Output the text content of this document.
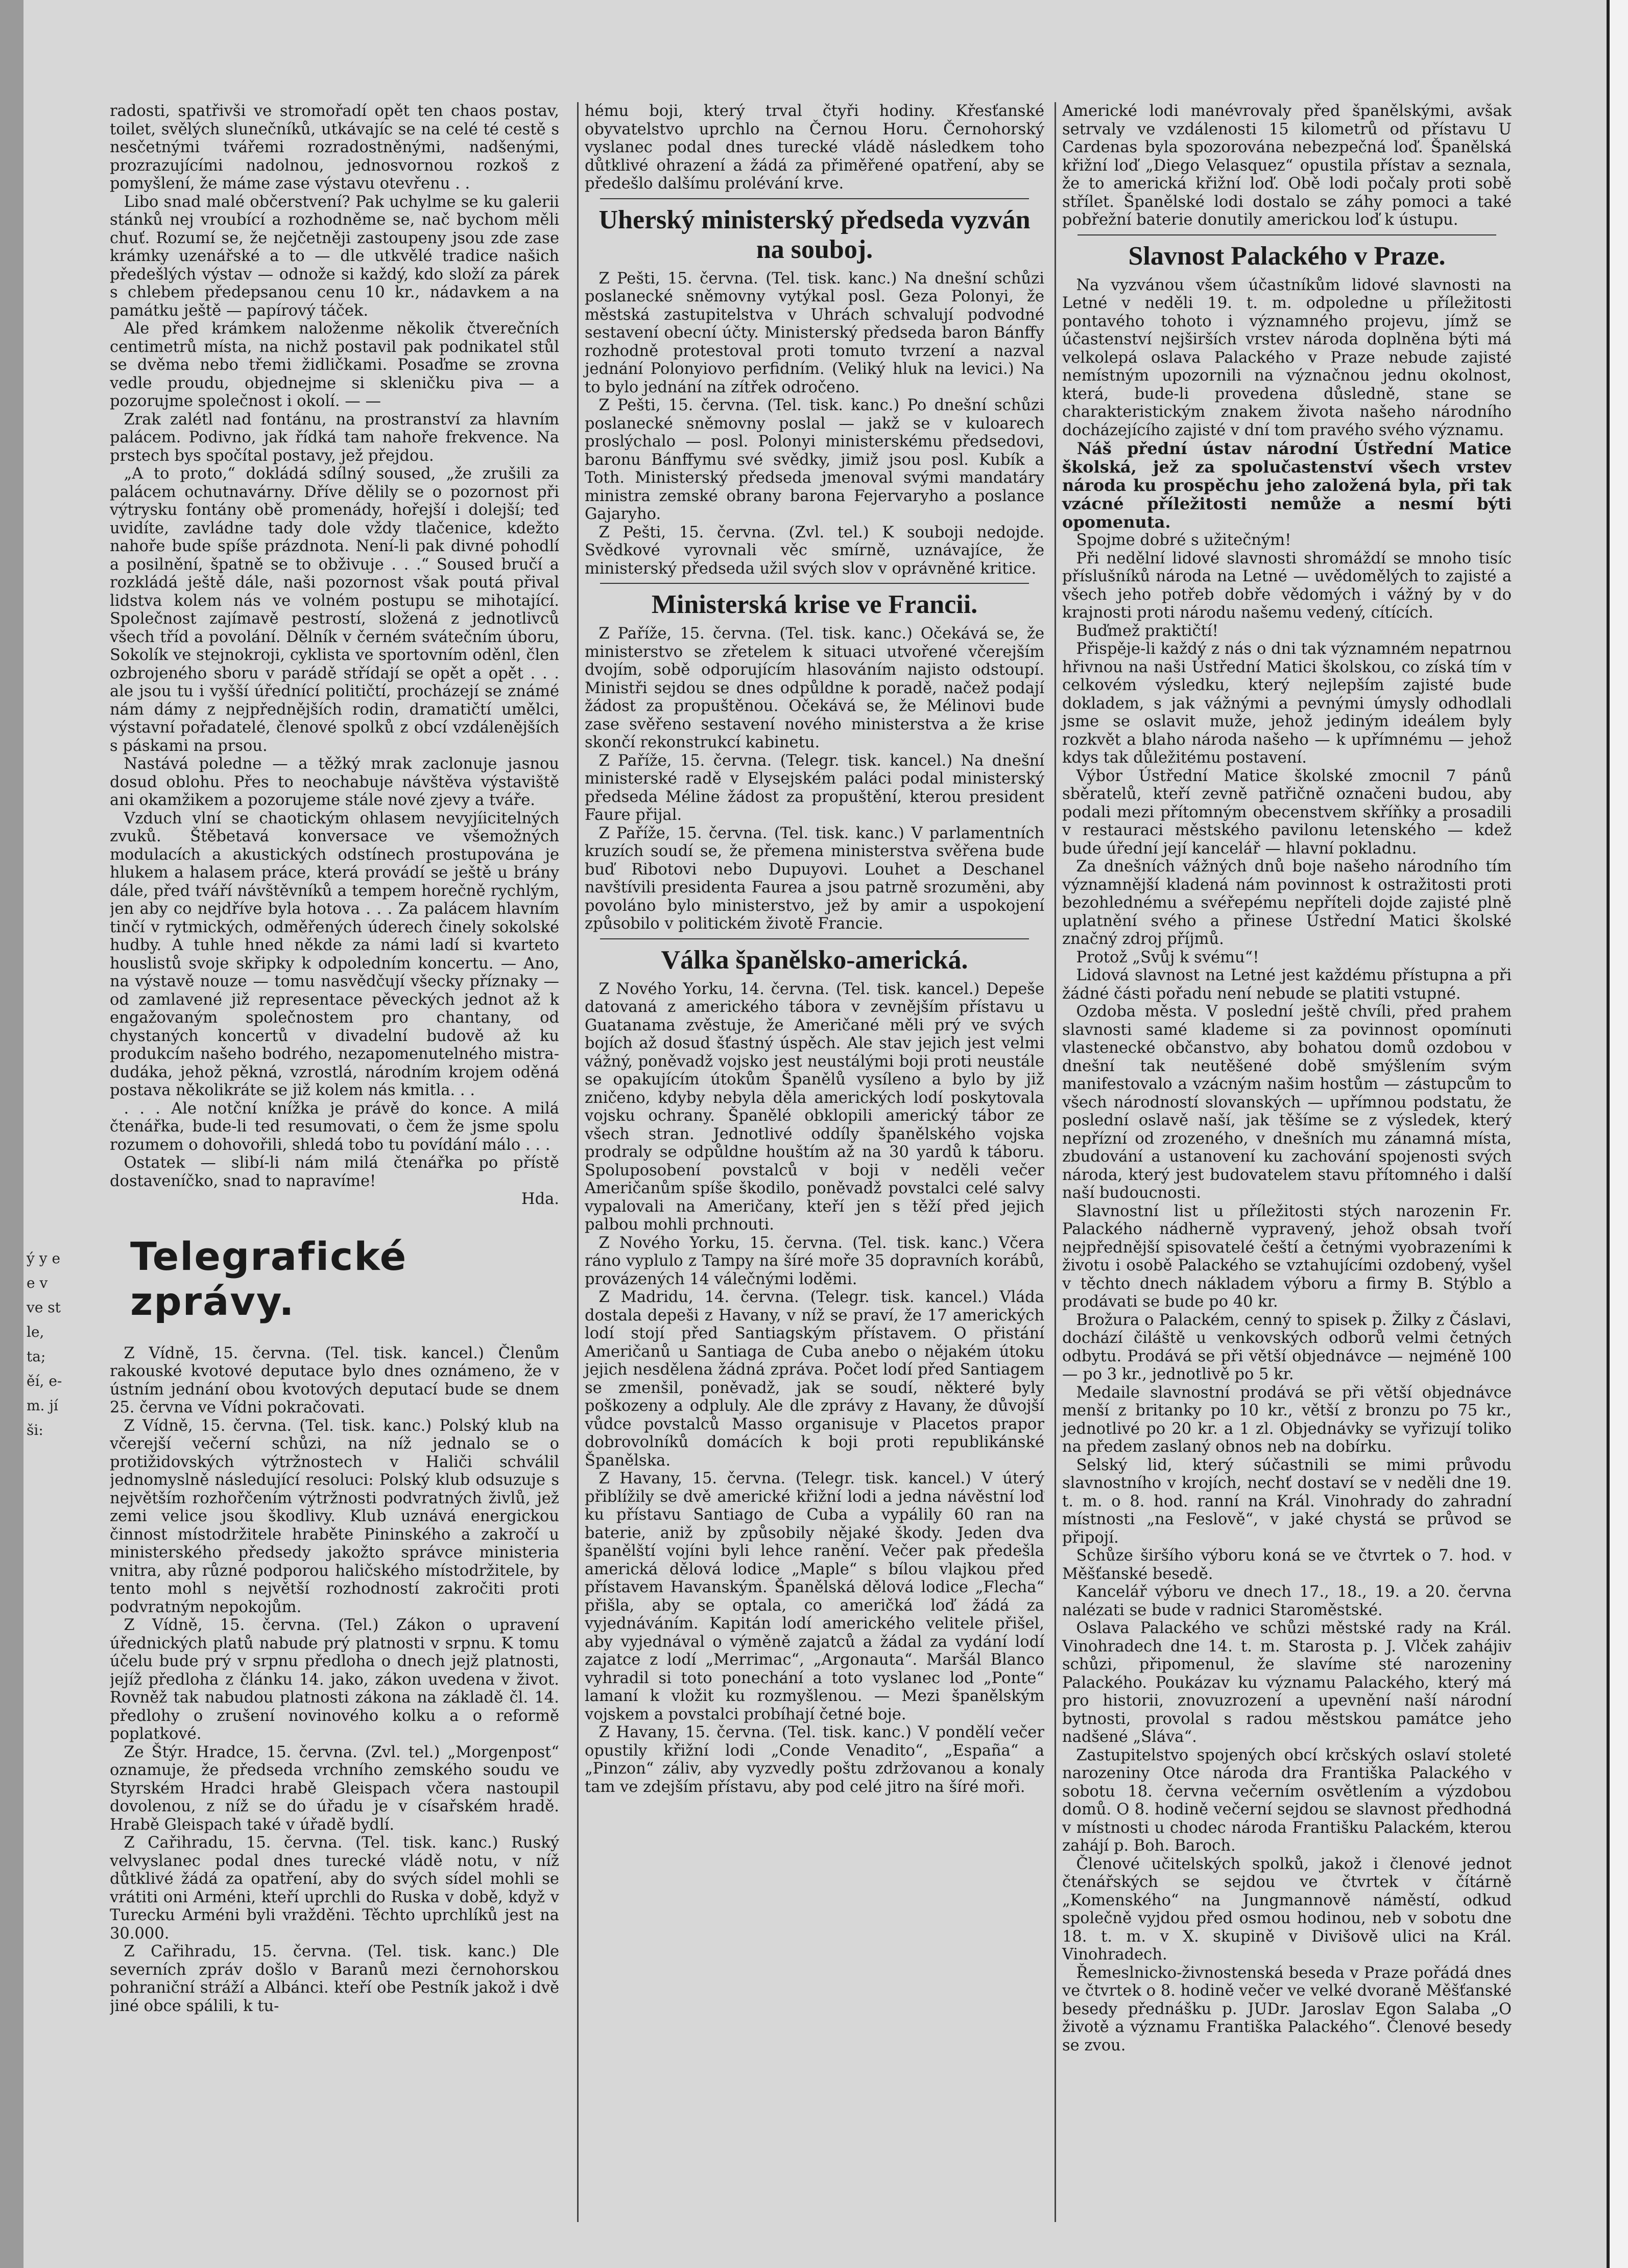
ý y e e v ve st le, ta; ěí, e-m. jí ši:

radosti, spatřivši ve stromořadí opět ten chaos postav, toilet, svělých slunečníků, utkávajíc se na celé té cestě s nesčetnými tvářemi rozradostněnými, nadšenými, prozrazujícími nadolnou, jednosvornou rozkoš z pomyšlení, že máme zase výstavu otevřenu . .

Libo snad malé občerstvení? Pak uchylme se ku galerii stánků nej vroubící a rozhodněme se, nač bychom měli chuť. Rozumí se, že nejčetněji zastoupeny jsou zde zase krámky uzenářské a to — dle utkvělé tradice našich předešlých výstav — odnože si každý, kdo složí za párek s chlebem předepsanou cenu 10 kr., nádavkem a na památku ještě — papírový táček.

Ale před krámkem naloženme několik čtverečních centimetrů místa, na nichž postavil pak podnikatel stůl se dvěma nebo třemi židličkami. Posaďme se zrovna vedle proudu, objednejme si skleničku piva — a pozorujme společnost i okolí. — —

Zrak zalétl nad fontánu, na prostranství za hlavním palácem. Podivno, jak řídká tam nahoře frekvence. Na prstech bys spočítal postavy, jež přejdou.

„A to proto,“ dokládá sdílný soused, „že zrušili za palácem ochutnavárny. Dříve dělily se o pozornost při výtrysku fontány obě promenády, hořejší i dolejší; teď uvidíte, zavládne tady dole vždy tlačenice, kdežto nahoře bude spíše prázdnota. Není-li pak divné pohodlí a posilnění, špatně se to obživuje . . .“ Soused bručí a rozkládá ještě dále, naši pozornost však poutá přival lidstva kolem nás ve volném postupu se mihotající. Společnost zajímavě pestrostí, složená z jednotlivců všech tříd a povolání. Dělník v černém svátečním úboru, Sokolík ve stejnokroji, cyklista ve sportovním oděnl, člen ozbrojeného sboru v parádě střídají se opět a opět . . . ale jsou tu i vyšší úřednící političtí, procházejí se známé nám dámy z nejpřednějších rodin, dramatičtí umělci, výstavní pořadatelé, členové spolků z obcí vzdálenějších s páskami na prsou.

Nastává poledne — a těžký mrak zaclonuje jasnou dosud oblohu. Přes to neochabuje návštěva výstaviště ani okamžikem a pozorujeme stále nové zjevy a tváře.

Vzduch vlní se chaotickým ohlasem nevyjíicitelných zvuků. Štěbetavá konversace ve všemožných modulacích a akustických odstínech prostupována je hlukem a halasem práce, která provádí se ještě u brány dále, před tváří návštěvníků a tempem horečně rychlým, jen aby co nejdříve byla hotova . . . Za palácem hlavním tinčí v rytmických, odměřených úderech činely sokolské hudby. A tuhle hned někde za námi ladí si kvarteto houslistů svoje skřipky k odpoledním koncertu. — Ano, na výstavě nouze — tomu nasvědčují všecky příznaky — od zamlavené již representace pěveckých jednot až k engažovaným společnostem pro chantany, od chystaných koncertů v divadelní budově až ku produkcím našeho bodrého, nezapomenutelného mistra-dudáka, jehož pěkná, vzrostlá, národním krojem oděná postava několikráte se již kolem nás kmitla. . .

. . . Ale notční knížka je právě do konce. A milá čtenářka, bude-li ted resumovati, o čem že jsme spolu rozumem o dohovořili, shledá tobo tu povídání málo . . .

Ostatek — slibí-li nám milá čtenářka po přístě dostaveníčko, snad to napravíme!

Hda.

Telegrafické zprávy.

Z Vídně, 15. června. (Tel. tisk. kancel.) Členům rakouské kvotové deputace bylo dnes oznámeno, že v ústním jednání obou kvotových deputací bude se dnem 25. června ve Vídni pokračovati.

Z Vídně, 15. června. (Tel. tisk. kanc.) Polský klub na včerejší večerní schůzi, na níž jednalo se o protižidovských výtržnostech v Haliči schválil jednomyslně následující resoluci: Polský klub odsuzuje s největším rozhořčením výtržnosti podvratných živlů, jež zemi velice jsou škodlivy. Klub uznává energickou činnost místodržitele hraběte Pininského a zakročí u ministerského předsedy jakožto správce ministeria vnitra, aby různé podporou haličského místodržitele, by tento mohl s největší rozhodností zakročiti proti podvratným nepokojům.

Z Vídně, 15. června. (Tel.) Zákon o upravení úřednických platů nabude prý platnosti v srpnu. K tomu účelu bude prý v srpnu předloha o dnech jejž platnosti, jejíž předloha z článku 14. jako, zákon uvedena v život. Rovněž tak nabudou platnosti zákona na základě čl. 14. předlohy o zrušení novinového kolku a o reformě poplatkové.

Ze Štýr. Hradce, 15. června. (Zvl. tel.) „Morgenpost“ oznamuje, že předseda vrchního zemského soudu ve Styrském Hradci hrabě Gleispach včera nastoupil dovolenou, z níž se do úřadu je v císařském hradě. Hrabě Gleispach také v úřadě bydlí.

Z Cařihradu, 15. června. (Tel. tisk. kanc.) Ruský velvyslanec podal dnes turecké vládě notu, v níž důtklivé žádá za opatření, aby do svých sídel mohli se vrátiti oni Arméni, kteří uprchli do Ruska v době, když v Turecku Arméni byli vražděni. Těchto uprchlíků jest na 30.000.

Z Cařihradu, 15. června. (Tel. tisk. kanc.) Dle severních zpráv došlo v Baranů mezi černohorskou pohraniční stráží a Albánci. kteří obe Pestník jakož i dvě jiné obce spálili, k tu-

hému boji, který trval čtyři hodiny. Křesťanské obyvatelstvo uprchlo na Černou Horu. Černohorský vyslanec podal dnes turecké vládě následkem toho důtklivé ohrazení a žádá za přiměřené opatření, aby se předešlo dalšímu prolévání krve.

Uherský ministerský předseda vyzván na souboj.

Z Pešti, 15. června. (Tel. tisk. kanc.) Na dnešní schůzi poslanecké sněmovny vytýkal posl. Geza Polonyi, že městská zastupitelstva v Uhrách schvalují podvodné sestavení obecní účty. Ministerský předseda baron Bánffy rozhodně protestoval proti tomuto tvrzení a nazval jednání Polonyiovo perfidním. (Veliký hluk na levici.) Na to bylo jednání na zítřek odročeno.

Z Pešti, 15. června. (Tel. tisk. kanc.) Po dnešní schůzi poslanecké sněmovny poslal — jakž se v kuloarech proslýchalo — posl. Polonyi ministerskému předsedovi, baronu Bánffymu své svědky, jimiž jsou posl. Kubík a Toth. Ministerský předseda jmenoval svými mandatáry ministra zemské obrany barona Fejervaryho a poslance Gajaryho.

Z Pešti, 15. června. (Zvl. tel.) K souboji nedojde. Svědkové vyrovnali věc smírně, uznávajíce, že ministerský předseda užil svých slov v oprávněné kritice.

Ministerská krise ve Francii.

Z Paříže, 15. června. (Tel. tisk. kanc.) Očekává se, že ministerstvo se zřetelem k situaci utvořené včerejším dvojím, sobě odporujícím hlasováním najisto odstoupí. Ministři sejdou se dnes odpůldne k poradě, načež podají žádost za propuštěnou. Očekává se, že Mélinovi bude zase svěřeno sestavení nového ministerstva a že krise skončí rekonstrukcí kabinetu.

Z Paříže, 15. června. (Telegr. tisk. kancel.) Na dnešní ministerské radě v Elysejském paláci podal ministerský předseda Méline žádost za propuštění, kterou president Faure přijal.

Z Paříže, 15. června. (Tel. tisk. kanc.) V parlamentních kruzích soudí se, že přemena ministerstva svěřena bude buď Ribotovi nebo Dupuyovi. Louhet a Deschanel navštívili presidenta Faurea a jsou patrně srozuměni, aby povoláno bylo ministerstvo, jež by amir a uspokojení způsobilo v politickém životě Francie.

Válka španělsko-americká.

Z Nového Yorku, 14. června. (Tel. tisk. kancel.) Depeše datovaná z amerického tábora v zevnějším přístavu u Guatanama zvěstuje, že Američané měli prý ve svých bojích až dosud šťastný úspěch. Ale stav jejich jest velmi vážný, poněvadž vojsko jest neustálými boji proti neustále se opakujícím útokům Španělů vysíleno a bylo by již zničeno, kdyby nebyla děla amerických lodí poskytovala vojsku ochrany. Španělé obklopili americký tábor ze všech stran. Jednotlivé oddíly španělského vojska prodraly se odpůldne houštím až na 30 yardů k táboru. Spoluposobení povstalců v boji v neděli večer Američanům spíše škodilo, poněvadž povstalci celé salvy vypalovali na Američany, kteří jen s těží před jejich palbou mohli prchnouti.

Z Nového Yorku, 15. června. (Tel. tisk. kanc.) Včera ráno vyplulo z Tampy na šíré moře 35 dopravních korábů, provázených 14 válečnými loděmi.

Z Madridu, 14. června. (Telegr. tisk. kancel.) Vláda dostala depeši z Havany, v níž se praví, že 17 amerických lodí stojí před Santiagským přístavem. O přistání Američanů u Santiaga de Cuba anebo o nějakém útoku jejich nesdělena žádná zpráva. Počet lodí před Santiagem se zmenšil, poněvadž, jak se soudí, některé byly poškozeny a odpluly. Ale dle zprávy z Havany, že důvojší vůdce povstalců Masso organisuje v Placetos prapor dobrovolníků domácích k boji proti republikánské Španělska.

Z Havany, 15. června. (Telegr. tisk. kancel.) V úterý přiblížily se dvě americké křižní lodi a jedna návěstní loď ku přístavu Santiago de Cuba a vypálily 60 ran na baterie, aniž by způsobily nějaké škody. Jeden dva španělští vojíni byli lehce ranění. Večer pak předešla americká dělová lodice „Maple“ s bílou vlajkou před přístavem Havanským. Španělská dělová lodice „Flecha“ přišla, aby se optala, co američká loď žádá za vyjednáváním. Kapitán lodí amerického velitele přišel, aby vyjednával o výměně zajatců a žádal za vydání lodí zajatce z lodí „Merrimac“, „Argonauta“. Maršál Blanco vyhradil si toto ponechání a toto vyslanec lod „Ponte“ lamaní k vložit ku rozmyšlenou. — Mezi španělským vojskem a povstalci probíhají četné boje.

Z Havany, 15. června. (Tel. tisk. kanc.) V pondělí večer opustily křižní lodi „Conde Venadito“, „España“ a „Pinzon“ záliv, aby vyzvedly poštu zdržovanou a konaly tam ve zdejším přístavu, aby pod celé jitro na šíré moři.

Americké lodi manévrovaly před španělskými, avšak setrvaly ve vzdálenosti 15 kilometrů od přístavu U Cardenas byla spozorována nebezpečná loď. Španělská křižní loď „Diego Velasquez“ opustila přístav a seznala, že to americká křižní loď. Obě lodi počaly proti sobě střílet. Španělské lodi dostalo se záhy pomoci a také pobřežní baterie donutily americkou loď k ústupu.

Slavnost Palackého v Praze.

Na vyzvánou všem účastníkům lidové slavnosti na Letné v neděli 19. t. m. odpoledne u příležitosti pontavého tohoto i významného projevu, jímž se účastenství nejširších vrstev národa doplněna býti má velkolepá oslava Palackého v Praze nebude zajisté nemístným upozornili na význačnou jednu okolnost, která, bude-li provedena důsledně, stane se charakteristickým znakem života našeho národního docházejícího zajisté v dní tom pravého svého významu.

Náš přední ústav národní Ústřední Matice školská, jež za spolučastenství všech vrstev národa ku prospěchu jeho založená byla, při tak vzácné příležitosti nemůže a nesmí býti opomenuta.

Spojme dobré s užitečným!

Při nedělní lidové slavnosti shromáždí se mnoho tisíc příslušníků národa na Letné — uvědomělých to zajisté a všech jeho potřeb dobře vědomých i vážný by v do krajnosti proti národu našemu vedený, cítících.

Buďmež praktičtí!

Přispěje-li každý z nás o dni tak významném nepatrnou hřivnou na naši Ústřední Matici školskou, co získá tím v celkovém výsledku, který nejlepším zajisté bude dokladem, s jak vážnými a pevnými úmysly odhodlali jsme se oslavit muže, jehož jediným ideálem byly rozkvět a blaho národa našeho — k upřímnému — jehož kdys tak důležitému postavení.

Výbor Ústřední Matice školské zmocnil 7 pánů sběratelů, kteří zevně patřičně označeni budou, aby podali mezi přítomným obecenstvem skříňky a prosadili v restauraci městského pavilonu letenského — kdež bude úřední její kancelář — hlavní pokladnu.

Za dnešních vážných dnů boje našeho národního tím významnější kladená nám povinnost k ostražitosti proti bezohlednému a svéřepému nepříteli dojde zajisté plně uplatnění svého a přinese Ústřední Matici školské značný zdroj příjmů.

Protož „Svůj k svému“!

Lidová slavnost na Letné jest každému přístupna a při žádné části pořadu není nebude se platiti vstupné.

Ozdoba města. V poslední ještě chvíli, před prahem slavnosti samé klademe si za povinnost opomínuti vlastenecké občanstvo, aby bohatou domů ozdobou v dnešní tak neutěšené době smýšlením svým manifestovalo a vzácným našim hostům — zástupcům to všech národností slovanských — upřímnou podstatu, že poslední oslavě naší, jak těšíme se z výsledek, který nepřízní od zrozeného, v dnešních mu zánamná místa, zbudování a ustanovení ku zachování spojenosti svých národa, který jest budovatelem stavu přítomného i další naší budoucnosti.

Slavnostní list u příležitosti stých narozenin Fr. Palackého nádherně vypravený, jehož obsah tvoří nejpřednější spisovatelé čeští a četnými vyobrazeními k životu i osobě Palackého se vztahujícími ozdobený, vyšel v těchto dnech nákladem výboru a firmy B. Stýblo a prodávati se bude po 40 kr.

Brožura o Palackém, cenný to spisek p. Žilky z Čáslavi, dochází čiláště u venkovských odborů velmi četných odbytu. Prodává se při větší objednávce — nejméně 100 — po 3 kr., jednotlivě po 5 kr.

Medaile slavnostní prodává se při větší objednávce menší z britanky po 10 kr., větší z bronzu po 75 kr., jednotlivé po 20 kr. a 1 zl. Objednávky se vyřizují toliko na předem zaslaný obnos neb na dobírku.

Selský lid, který súčastnili se mimi průvodu slavnostního v krojích, nechť dostaví se v neděli dne 19. t. m. o 8. hod. ranní na Král. Vinohrady do zahradní místnosti „na Feslově“, v jaké chystá se průvod se připojí.

Schůze širšího výboru koná se ve čtvrtek o 7. hod. v Měšťanské besedě.

Kancelář výboru ve dnech 17., 18., 19. a 20. června nalézati se bude v radnici Staroměstské.

Oslava Palackého ve schůzi městské rady na Král. Vinohradech dne 14. t. m. Starosta p. J. Vlček zahájiv schůzi, připomenul, že slavíme sté narozeniny Palackého. Poukázav ku významu Palackého, který má pro historii, znovuzrození a upevnění naší národní bytnosti, provolal s radou městskou památce jeho nadšené „Sláva“.

Zastupitelstvo spojených obcí krčských oslaví stoleté narozeniny Otce národa dra Františka Palackého v sobotu 18. června večerním osvětlením a výzdobou domů. O 8. hodině večerní sejdou se slavnost předhodná v místnosti u chodec národa Františku Palackém, kterou zahájí p. Boh. Baroch.

Členové učitelských spolků, jakož i členové jednot čtenářských se sejdou ve čtvrtek v čítárně „Komenského“ na Jungmannově náměstí, odkud společně vyjdou před osmou hodinou, neb v sobotu dne 18. t. m. v X. skupině v Divišově ulici na Král. Vinohradech.

Řemeslnicko-živnostenská beseda v Praze pořádá dnes ve čtvrtek o 8. hodině večer ve velké dvoraně Měšťanské besedy přednášku p. JUDr. Jaroslav Egon Salaba „O životě a významu Františka Palackého“. Členové besedy se zvou.
